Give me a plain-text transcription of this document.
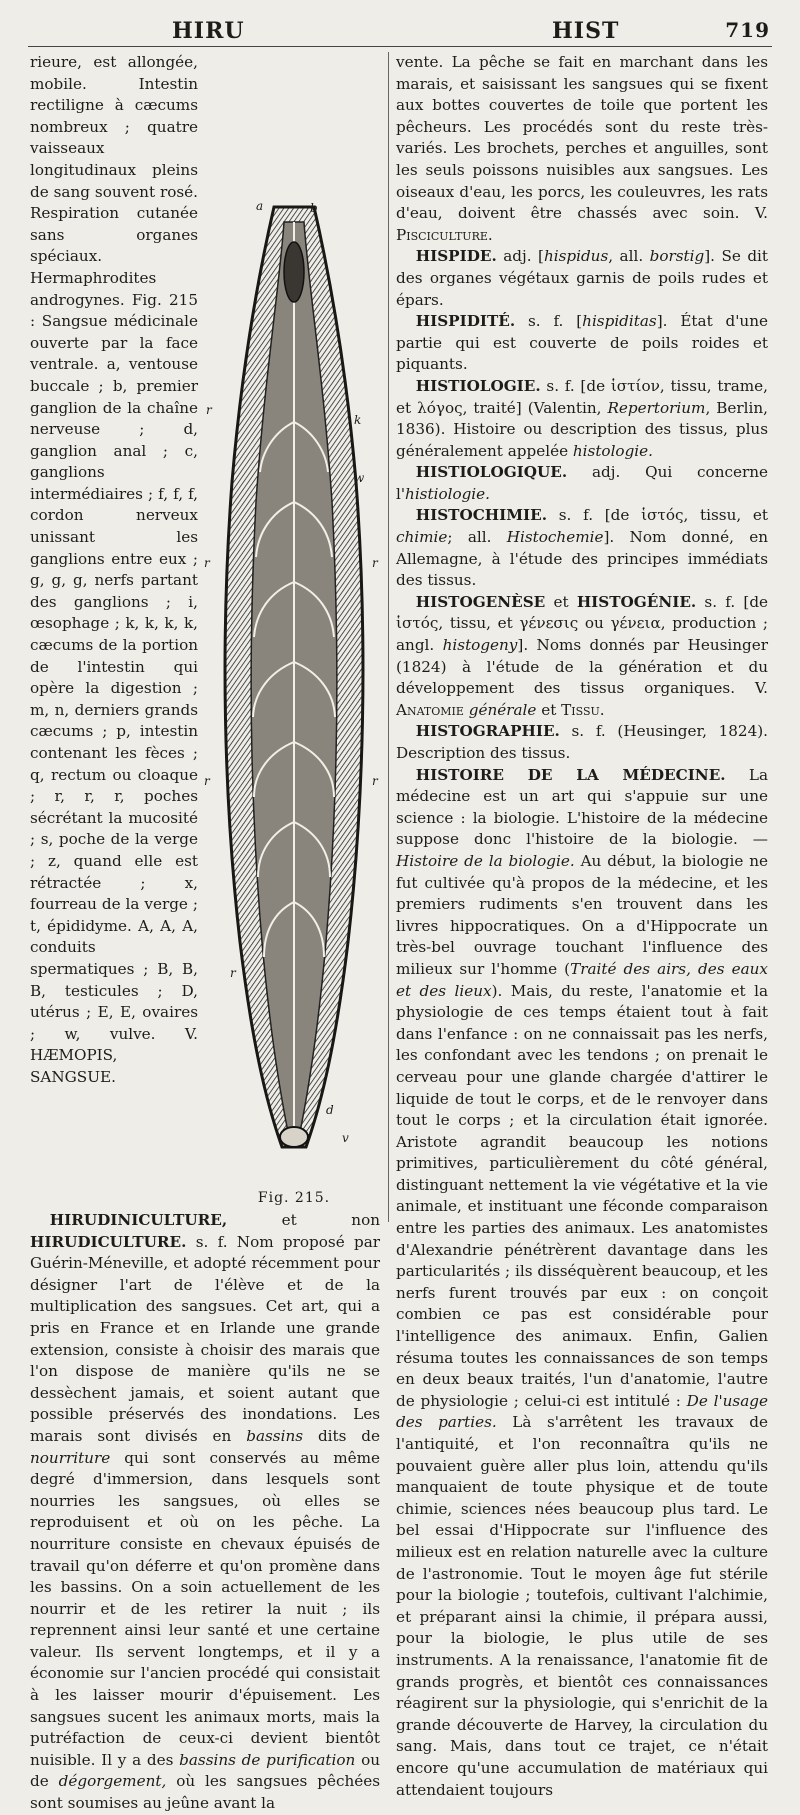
HIRU	HIST	719
a	b
r
k
w
r	r
r	r
r
d
v
Fig. 215.

rieure, est allongée, mobile. Intestin rectiligne à cæcums nombreux ; quatre vaisseaux longitudinaux pleins de sang souvent rosé. Respiration cutanée sans organes spéciaux. Hermaphrodites androgynes. Fig. 215 : Sangsue médicinale ouverte par la face ventrale. a, ventouse buccale ; b, premier ganglion de la chaîne nerveuse ; d, ganglion anal ; c, ganglions intermédiaires ; f, f, f, cordon nerveux unissant les ganglions entre eux ; g, g, g, nerfs partant des ganglions ; i, œsophage ; k, k, k, k, cæcums de la portion de l'intestin qui opère la digestion ; m, n, derniers grands cæcums ; p, intestin contenant les fèces ; q, rectum ou cloaque ; r, r, r, poches sécrétant la mucosité ; s, poche de la verge ; z, quand elle est rétractée ; x, fourreau de la verge ; t, épididyme. A, A, A, conduits spermatiques ; B, B, B, testicules ; D, utérus ; E, E, ovaires ; w, vulve. V. HÆMOPIS, SANGSUE.

HIRUDINICULTURE,	et non HIRUDICULTURE. s. f. Nom proposé par Guérin-Méneville, et adopté récemment pour désigner l'art de l'élève et de la multiplication des sangsues. Cet art, qui a pris en France et en Irlande une grande extension, consiste à choisir des marais que l'on dispose de manière qu'ils ne se dessèchent jamais, et soient autant que possible préservés des inondations. Les marais sont divisés en bassins dits de nourriture qui sont conservés au même degré d'immersion, dans lesquels sont nourries les sangsues, où elles se reproduisent et où on les pêche. La nourriture consiste en chevaux épuisés de travail qu'on déferre et qu'on promène dans les bassins. On a soin actuellement de les nourrir et de les retirer la nuit ; ils reprennent ainsi leur santé et une certaine valeur. Ils servent longtemps, et il y a économie sur l'ancien procédé qui consistait à les laisser mourir d'épuisement. Les sangsues sucent les animaux morts, mais la putréfaction de ceux-ci devient bientôt nuisible. Il y a des bassins de purification ou de dégorgement, où les sangsues pêchées sont soumises au jeûne avant la

vente. La pêche se fait en marchant dans les marais, et saisissant les sangsues qui se fixent aux bottes couvertes de toile que portent les pêcheurs. Les procédés sont du reste très-variés. Les brochets, perches et anguilles, sont les seuls poissons nuisibles aux sangsues. Les oiseaux d'eau, les porcs, les couleuvres, les rats d'eau, doivent être chassés avec soin. V. Pisciculture.

HISPIDE. adj. [hispidus, all. borstig]. Se dit des organes végétaux garnis de poils rudes et épars.

HISPIDITÉ. s. f. [hispiditas]. État d'une partie qui est couverte de poils roides et piquants.

HISTIOLOGIE. s. f. [de ἱστίον, tissu, trame, et λόγος, traité] (Valentin, Repertorium, Berlin, 1836). Histoire ou description des tissus, plus généralement appelée histologie.

HISTIOLOGIQUE. adj. Qui concerne l'histiologie.

HISTOCHIMIE. s. f. [de ἱστός, tissu, et chimie; all. Histochemie]. Nom donné, en Allemagne, à l'étude des principes immédiats des tissus.

HISTOGENÈSE et HISTOGÉNIE. s. f. [de ἱστός, tissu, et γένεσις ou γένεια, production ; angl. histogeny]. Noms donnés par Heusinger (1824) à l'étude de la génération et du développement des tissus organiques. V. Anatomie générale et Tissu.

HISTOGRAPHIE. s. f. (Heusinger, 1824). Description des tissus.

HISTOIRE DE LA MÉDECINE. La médecine est un art qui s'appuie sur une science : la biologie. L'histoire de la médecine suppose donc l'histoire de la biologie. — Histoire de la biologie. Au début, la biologie ne fut cultivée qu'à propos de la médecine, et les premiers rudiments s'en trouvent dans les livres hippocratiques. On a d'Hippocrate un très-bel ouvrage touchant l'influence des milieux sur l'homme (Traité des airs, des eaux et des lieux). Mais, du reste, l'anatomie et la physiologie de ces temps étaient tout à fait dans l'enfance : on ne connaissait pas les nerfs, les confondant avec les tendons ; on prenait le cerveau pour une glande chargée d'attirer le liquide de tout le corps, et de le renvoyer dans tout le corps ; et la circulation était ignorée. Aristote agrandit beaucoup les notions primitives, particulièrement du côté général, distinguant nettement la vie végétative et la vie animale, et instituant une féconde comparaison entre les parties des animaux. Les anatomistes d'Alexandrie pénétrèrent davantage dans les particularités ; ils disséquèrent beaucoup, et les nerfs furent trouvés par eux : on conçoit combien ce pas est considérable pour l'intelligence des animaux. Enfin, Galien résuma toutes les connaissances de son temps en deux beaux traités, l'un d'anatomie, l'autre de physiologie ; celui-ci est intitulé : De l'usage des parties. Là s'arrêtent les travaux de l'antiquité, et l'on reconnaîtra qu'ils ne pouvaient guère aller plus loin, attendu qu'ils manquaient de toute physique et de toute chimie, sciences nées beaucoup plus tard. Le bel essai d'Hippocrate sur l'influence des milieux est en relation naturelle avec la culture de l'astronomie. Tout le moyen âge fut stérile pour la biologie ; toutefois, cultivant l'alchimie, et préparant ainsi la chimie, il prépara aussi, pour la biologie, le plus utile de ses instruments. A la renaissance, l'anatomie fit de grands progrès, et bientôt ces connaissances réagirent sur la physiologie, qui s'enrichit de la grande découverte de Harvey, la circulation du sang. Mais, dans tout ce trajet, ce n'était encore qu'une accumulation de matériaux qui attendaient toujours
